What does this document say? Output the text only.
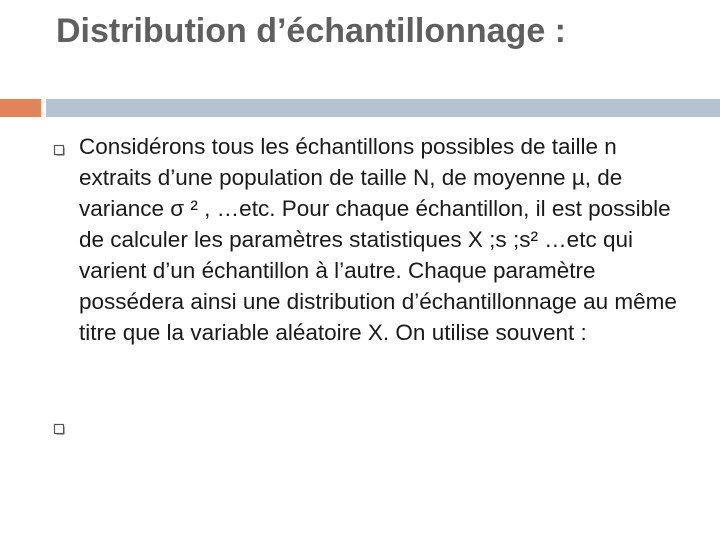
Distribution d’échantillonnage :

Considérons tous les échantillons possibles de taille n extraits d’une population de taille N, de moyenne µ, de variance σ ² , …etc. Pour chaque échantillon, il est possible de calculer les paramètres statistiques X ;s ;s² …etc qui varient d’un échantillon à l’autre. Chaque paramètre possédera ainsi une distribution d’échantillonnage au même titre que la variable aléatoire X. On utilise souvent :
